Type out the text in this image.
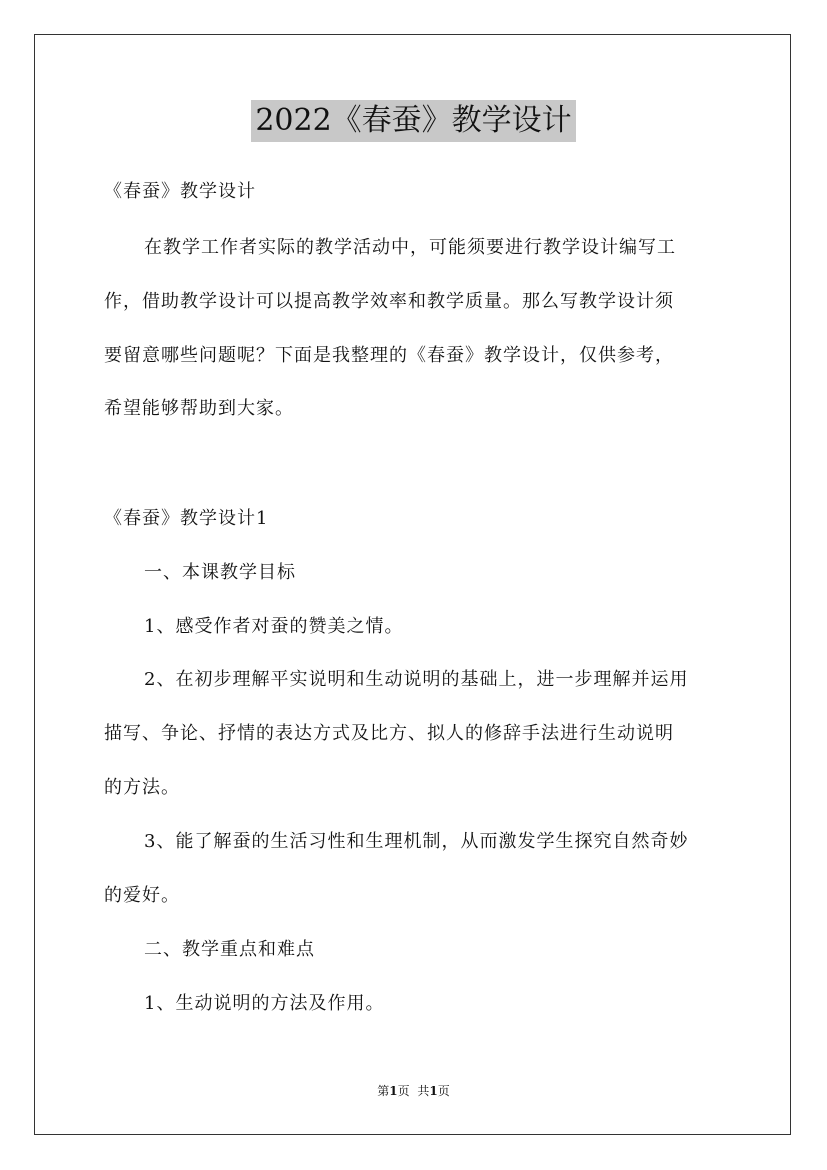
2022《春蚕》教学设计
《春蚕》教学设计
在教学工作者实际的教学活动中，可能须要进行教学设计编写工
作，借助教学设计可以提高教学效率和教学质量。那么写教学设计须
要留意哪些问题呢？下面是我整理的《春蚕》教学设计，仅供参考，
希望能够帮助到大家。
《春蚕》教学设计1
一、本课教学目标
1、感受作者对蚕的赞美之情。
2、在初步理解平实说明和生动说明的基础上，进一步理解并运用
描写、争论、抒情的表达方式及比方、拟人的修辞手法进行生动说明
的方法。
3、能了解蚕的生活习性和生理机制，从而激发学生探究自然奇妙
的爱好。
二、教学重点和难点
1、生动说明的方法及作用。
第1页 共1页
